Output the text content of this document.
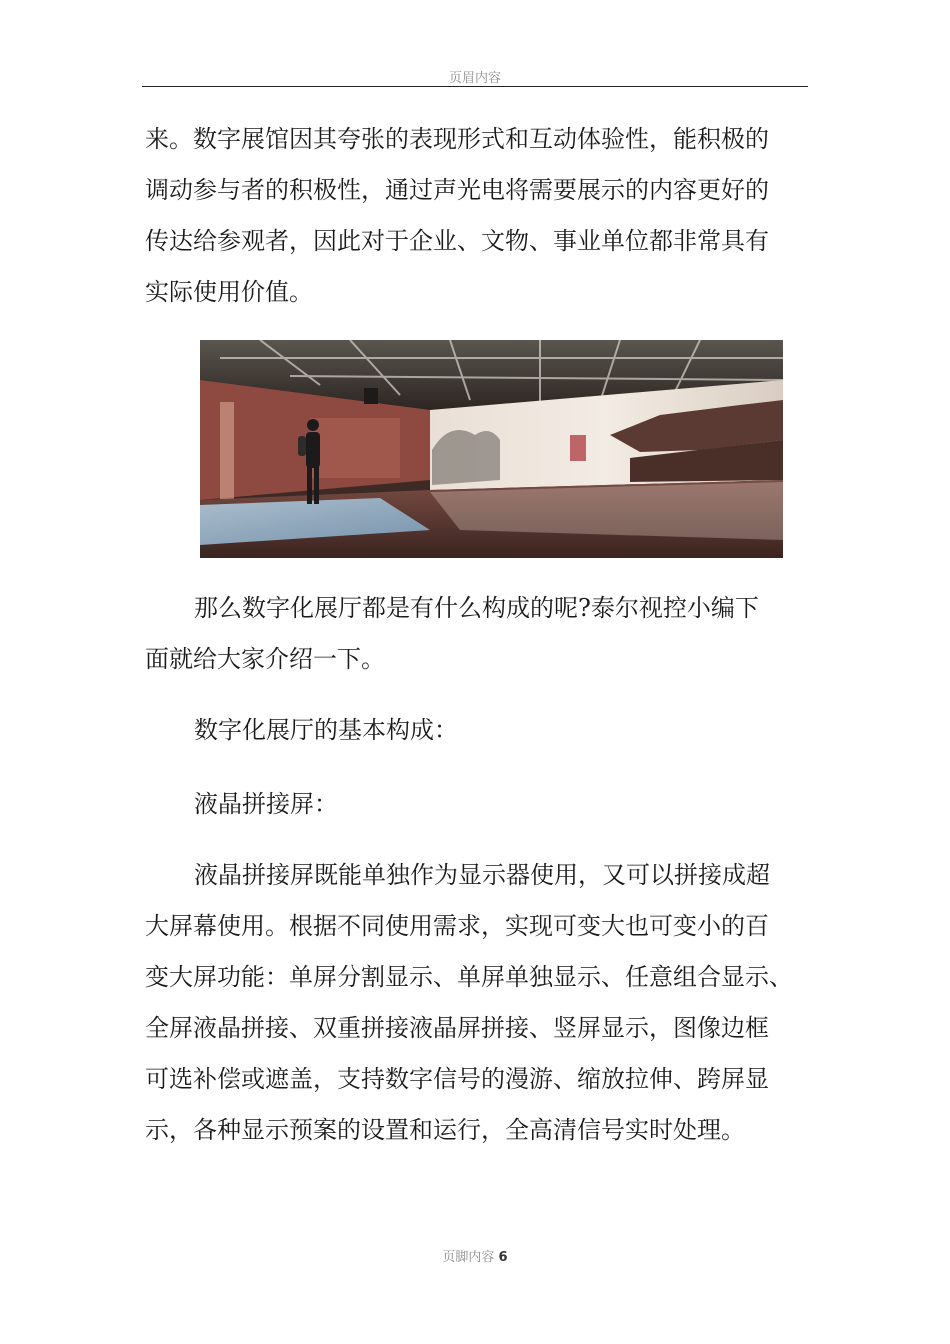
页眉内容
来。数字展馆因其夸张的表现形式和互动体验性，能积极的
调动参与者的积极性，通过声光电将需要展示的内容更好的
传达给参观者，因此对于企业、文物、事业单位都非常具有
实际使用价值。
那么数字化展厅都是有什么构成的呢?泰尔视控小编下
面就给大家介绍一下。
数字化展厅的基本构成：
液晶拼接屏：
液晶拼接屏既能单独作为显示器使用，又可以拼接成超
大屏幕使用。根据不同使用需求，实现可变大也可变小的百
变大屏功能：单屏分割显示、单屏单独显示、任意组合显示、
全屏液晶拼接、双重拼接液晶屏拼接、竖屏显示，图像边框
可选补偿或遮盖，支持数字信号的漫游、缩放拉伸、跨屏显
示，各种显示预案的设置和运行，全高清信号实时处理。
页脚内容 6
